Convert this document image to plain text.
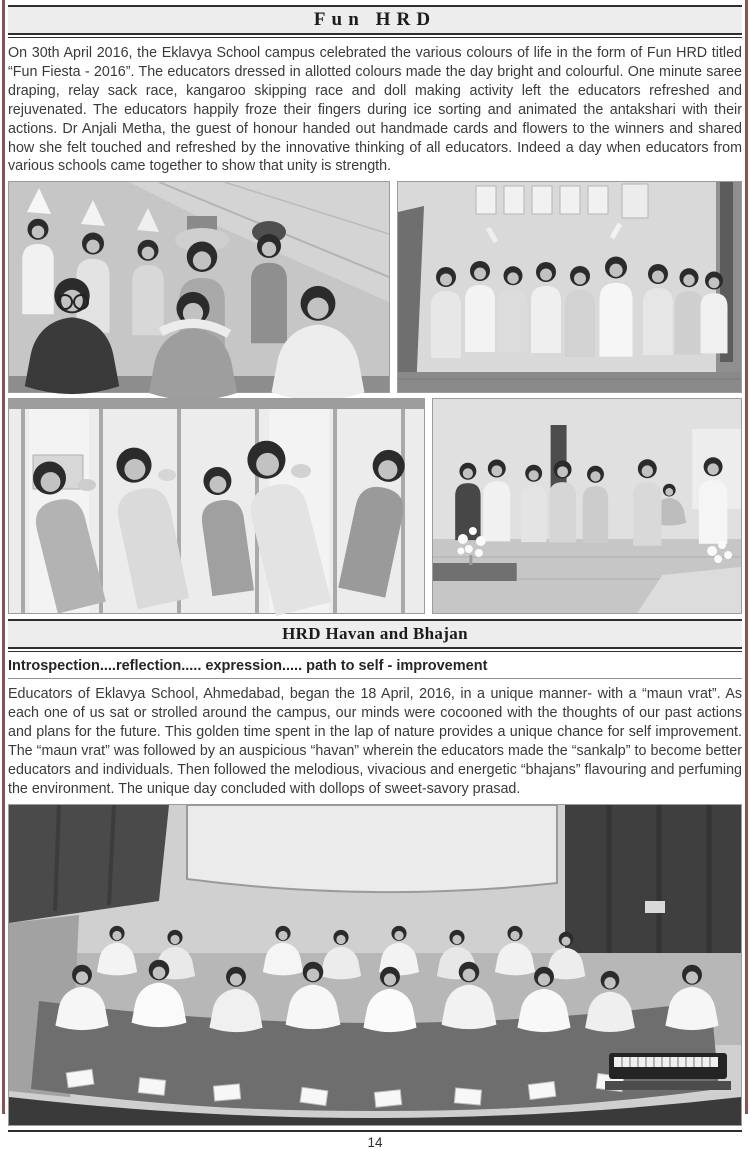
Fun HRD

On 30th April 2016, the Eklavya School campus celebrated the various colours of life in the form of Fun HRD titled “Fun Fiesta - 2016”. The educators dressed in allotted colours made the day bright and colourful. One minute saree draping, relay sack race, kangaroo skipping race and doll making activity left the educators refreshed and rejuvenated. The educators happily froze their fingers during ice sorting and animated the antakshari with their actions. Dr Anjali Metha, the guest of honour handed out handmade cards and flowers to the winners and shared how she felt touched and refreshed by the innovative thinking of all educators. Indeed a day when educators from various schools came together to show that unity is strength.

HRD Havan and Bhajan
Introspection....reflection..... expression..... path to self - improvement

Educators of Eklavya School, Ahmedabad, began the 18 April, 2016, in a unique manner- with a “maun vrat”. As each one of us sat or strolled around the campus, our minds were cocooned with the thoughts of our past actions and plans for the future. This golden time spent in the lap of nature provides a unique chance for self improvement. The “maun vrat” was followed by an auspicious “havan” wherein the educators made the “sankalp” to become better educators and individuals. Then followed the melodious, vivacious and energetic “bhajans” flavouring and perfuming the environment. The unique day concluded with dollops of sweet-savory prasad.

14
